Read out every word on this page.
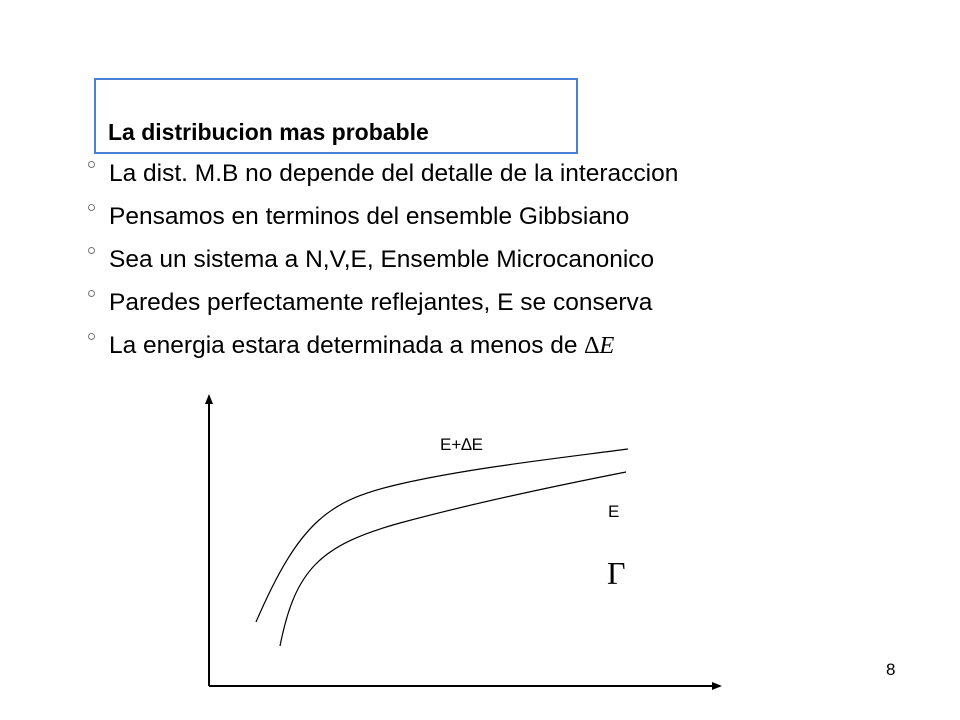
La distribucion mas probable
La dist. M.B no depende del detalle de la interaccion
Pensamos en terminos del ensemble Gibbsiano
Sea un sistema a N,V,E, Ensemble Microcanonico
Paredes perfectamente reflejantes, E se conserva
La energia estara determinada a menos de ∆E
E+∆E
E
Γ
8
